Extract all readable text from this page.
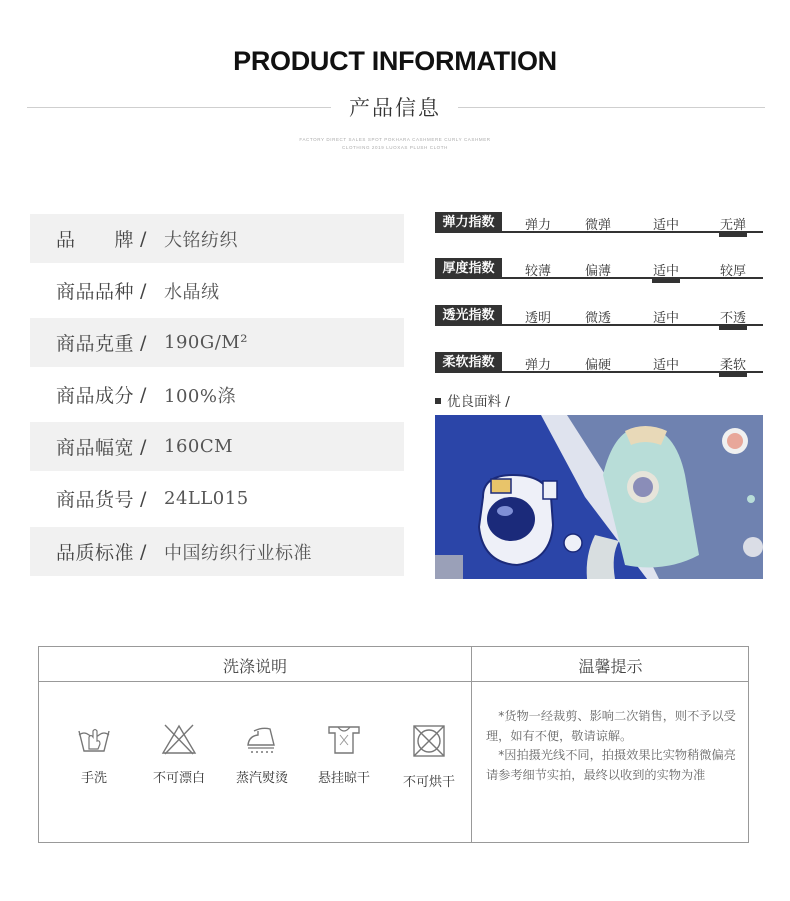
PRODUCT INFORMATION
产品信息
FACTORY DIRECT SALES SPOT POKHARA CASHMERE CURLY CASHMER
CLOTHING 2019 LUOXAS PLUSH CLOTH
品　　牌 / 大铭纺织
商品品种 / 水晶绒
商品克重 / 190G/M²
商品成分 / 100%涤
商品幅宽 / 160CM
商品货号 / 24LL015
品质标准 / 中国纺织行业标准
弹力指数	弹力	微弹	适中	无弹
厚度指数	较薄	偏薄	适中	较厚
透光指数	透明	微透	适中	不透
柔软指数	弹力	偏硬	适中	柔软
优良面料 /
洗涤说明	温馨提示
手洗	不可漂白	蒸汽熨烫	悬挂晾干	不可烘干

*货物一经裁剪、影响二次销售，则不予以受理，如有不便，敬请谅解。

*因拍摄光线不同，拍摄效果比实物稍微偏亮请参考细节实拍，最终以收到的实物为准
